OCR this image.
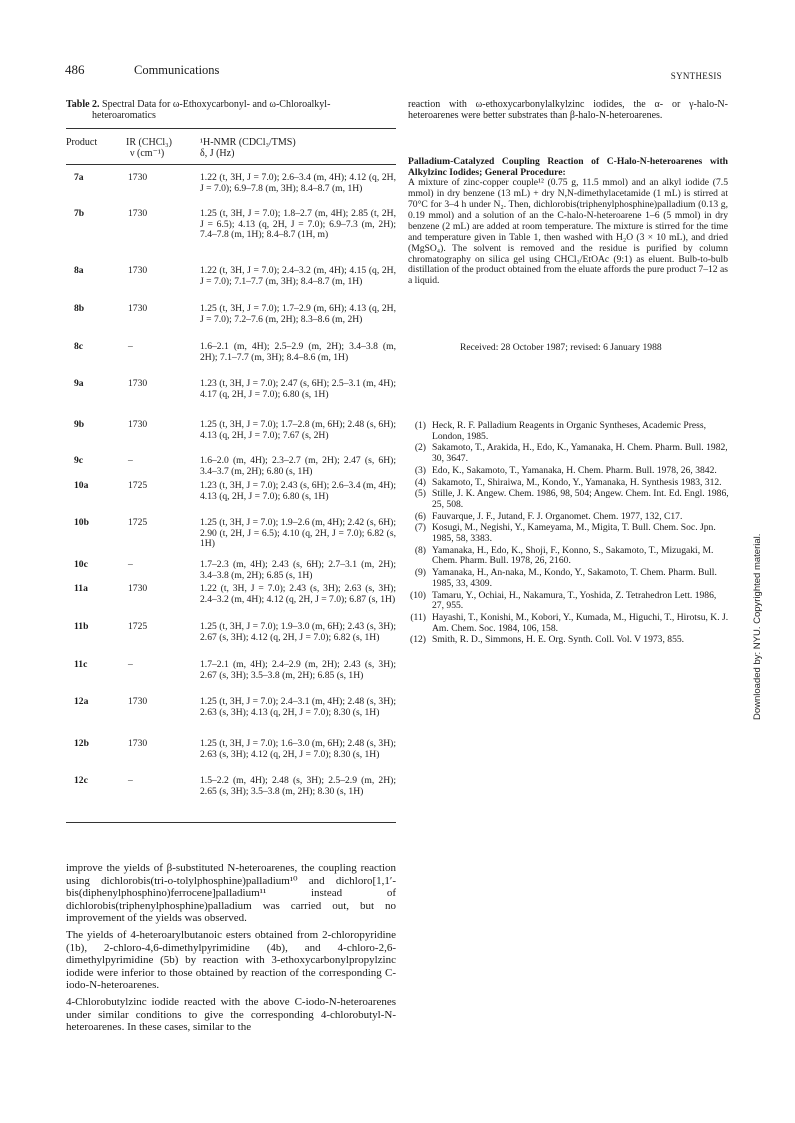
486	Communications	SYNTHESIS
Table 2. Spectral Data for ω-Ethoxycarbonyl- and ω-Chloroalkyl-
heteroaromatics
Product	IR (CHCl₃)
ν (cm⁻¹)
¹H-NMR (CDCl₃/TMS)
δ, J (Hz)
7a	1730	1.22 (t, 3H, J = 7.0); 2.6–3.4 (m, 4H); 4.12 (q, 2H, J = 7.0); 6.9–7.8 (m, 3H); 8.4–8.7 (m, 1H)
7b	1730	1.25 (t, 3H, J = 7.0); 1.8–2.7 (m, 4H); 2.85 (t, 2H, J = 6.5); 4.13 (q, 2H, J = 7.0); 6.9–7.3 (m, 2H); 7.4–7.8 (m, 1H); 8.4–8.7 (1H, m)
8a	1730	1.22 (t, 3H, J = 7.0); 2.4–3.2 (m, 4H); 4.15 (q, 2H, J = 7.0); 7.1–7.7 (m, 3H); 8.4–8.7 (m, 1H)
8b	1730	1.25 (t, 3H, J = 7.0); 1.7–2.9 (m, 6H); 4.13 (q, 2H, J = 7.0); 7.2–7.6 (m, 2H); 8.3–8.6 (m, 2H)
8c	–	1.6–2.1 (m, 4H); 2.5–2.9 (m, 2H); 3.4–3.8 (m, 2H); 7.1–7.7 (m, 3H); 8.4–8.6 (m, 1H)
9a	1730	1.23 (t, 3H, J = 7.0); 2.47 (s, 6H); 2.5–3.1 (m, 4H); 4.17 (q, 2H, J = 7.0); 6.80 (s, 1H)
9b	1730	1.25 (t, 3H, J = 7.0); 1.7–2.8 (m, 6H); 2.48 (s, 6H); 4.13 (q, 2H, J = 7.0); 7.67 (s, 2H)
9c	–	1.6–2.0 (m, 4H); 2.3–2.7 (m, 2H); 2.47 (s, 6H); 3.4–3.7 (m, 2H); 6.80 (s, 1H)
10a	1725	1.23 (t, 3H, J = 7.0); 2.43 (s, 6H); 2.6–3.4 (m, 4H); 4.13 (q, 2H, J = 7.0); 6.80 (s, 1H)
10b	1725	1.25 (t, 3H, J = 7.0); 1.9–2.6 (m, 4H); 2.42 (s, 6H); 2.90 (t, 2H, J = 6.5); 4.10 (q, 2H, J = 7.0); 6.82 (s, 1H)
10c	–	1.7–2.3 (m, 4H); 2.43 (s, 6H); 2.7–3.1 (m, 2H); 3.4–3.8 (m, 2H); 6.85 (s, 1H)
11a	1730	1.22 (t, 3H, J = 7.0); 2.43 (s, 3H); 2.63 (s, 3H); 2.4–3.2 (m, 4H); 4.12 (q, 2H, J = 7.0); 6.87 (s, 1H)
11b	1725	1.25 (t, 3H, J = 7.0); 1.9–3.0 (m, 6H); 2.43 (s, 3H); 2.67 (s, 3H); 4.12 (q, 2H, J = 7.0); 6.82 (s, 1H)
11c	–	1.7–2.1 (m, 4H); 2.4–2.9 (m, 2H); 2.43 (s, 3H); 2.67 (s, 3H); 3.5–3.8 (m, 2H); 6.85 (s, 1H)
12a	1730	1.25 (t, 3H, J = 7.0); 2.4–3.1 (m, 4H); 2.48 (s, 3H); 2.63 (s, 3H); 4.13 (q, 2H, J = 7.0); 8.30 (s, 1H)
12b	1730	1.25 (t, 3H, J = 7.0); 1.6–3.0 (m, 6H); 2.48 (s, 3H); 2.63 (s, 3H); 4.12 (q, 2H, J = 7.0); 8.30 (s, 1H)
12c	–	1.5–2.2 (m, 4H); 2.48 (s, 3H); 2.5–2.9 (m, 2H); 2.65 (s, 3H); 3.5–3.8 (m, 2H); 8.30 (s, 1H)
reaction with ω-ethoxycarbonylalkylzinc iodides, the α- or γ-halo-N-heteroarenes were better substrates than β-halo-N-heteroarenes.
Palladium-Catalyzed Coupling Reaction of C-Halo-N-heteroarenes with Alkylzinc Iodides; General Procedure:
A mixture of zinc-copper couple¹² (0.75 g, 11.5 mmol) and an alkyl iodide (7.5 mmol) in dry benzene (13 mL) + dry N,N-dimethylacetamide (1 mL) is stirred at 70°C for 3–4 h under N₂. Then, dichlorobis(triphenylphosphine)palladium (0.13 g, 0.19 mmol) and a solution of an the C-halo-N-heteroarene 1–6 (5 mmol) in dry benzene (2 mL) are added at room temperature. The mixture is stirred for the time and temperature given in Table 1, then washed with H₂O (3 × 10 mL), and dried (MgSO₄). The solvent is removed and the residue is purified by column chromatography on silica gel using CHCl₃/EtOAc (9:1) as eluent. Bulb-to-bulb distillation of the product obtained from the eluate affords the pure product 7–12 as a liquid.
Received: 28 October 1987; revised: 6 January 1988
(1) Heck, R. F. Palladium Reagents in Organic Syntheses, Academic Press, London, 1985.
(2) Sakamoto, T., Arakida, H., Edo, K., Yamanaka, H. Chem. Pharm. Bull. 1982, 30, 3647.
(3) Edo, K., Sakamoto, T., Yamanaka, H. Chem. Pharm. Bull. 1978, 26, 3842.
(4) Sakamoto, T., Shiraiwa, M., Kondo, Y., Yamanaka, H. Synthesis 1983, 312.
(5) Stille, J. K. Angew. Chem. 1986, 98, 504; Angew. Chem. Int. Ed. Engl. 1986, 25, 508.
(6) Fauvarque, J. F., Jutand, F. J. Organomet. Chem. 1977, 132, C17.
(7) Kosugi, M., Negishi, Y., Kameyama, M., Migita, T. Bull. Chem. Soc. Jpn. 1985, 58, 3383.
(8) Yamanaka, H., Edo, K., Shoji, F., Konno, S., Sakamoto, T., Mizugaki, M. Chem. Pharm. Bull. 1978, 26, 2160.
(9) Yamanaka, H., An-naka, M., Kondo, Y., Sakamoto, T. Chem. Pharm. Bull. 1985, 33, 4309.
(10) Tamaru, Y., Ochiai, H., Nakamura, T., Yoshida, Z. Tetrahedron Lett. 1986, 27, 955.
(11) Hayashi, T., Konishi, M., Kobori, Y., Kumada, M., Higuchi, T., Hirotsu, K. J. Am. Chem. Soc. 1984, 106, 158.
(12) Smith, R. D., Simmons, H. E. Org. Synth. Coll. Vol. V 1973, 855.

improve the yields of β-substituted N-heteroarenes, the coupling reaction using dichlorobis(tri-o-tolylphosphine)palladium¹⁰ and dichloro[1,1′-bis(diphenylphosphino)ferrocene]palladium¹¹ instead of dichlorobis(triphenylphosphine)palladium was carried out, but no improvement of the yields was observed.

The yields of 4-heteroarylbutanoic esters obtained from 2-chloropyridine (1b), 2-chloro-4,6-dimethylpyrimidine (4b), and 4-chloro-2,6-dimethylpyrimidine (5b) by reaction with 3-ethoxycarbonylpropylzinc iodide were inferior to those obtained by reaction of the corresponding C-iodo-N-heteroarenes.

4-Chlorobutylzinc iodide reacted with the above C-iodo-N-heteroarenes under similar conditions to give the corresponding 4-chlorobutyl-N-heteroarenes. In these cases, similar to the

Downloaded by: NYU. Copyrighted material.
